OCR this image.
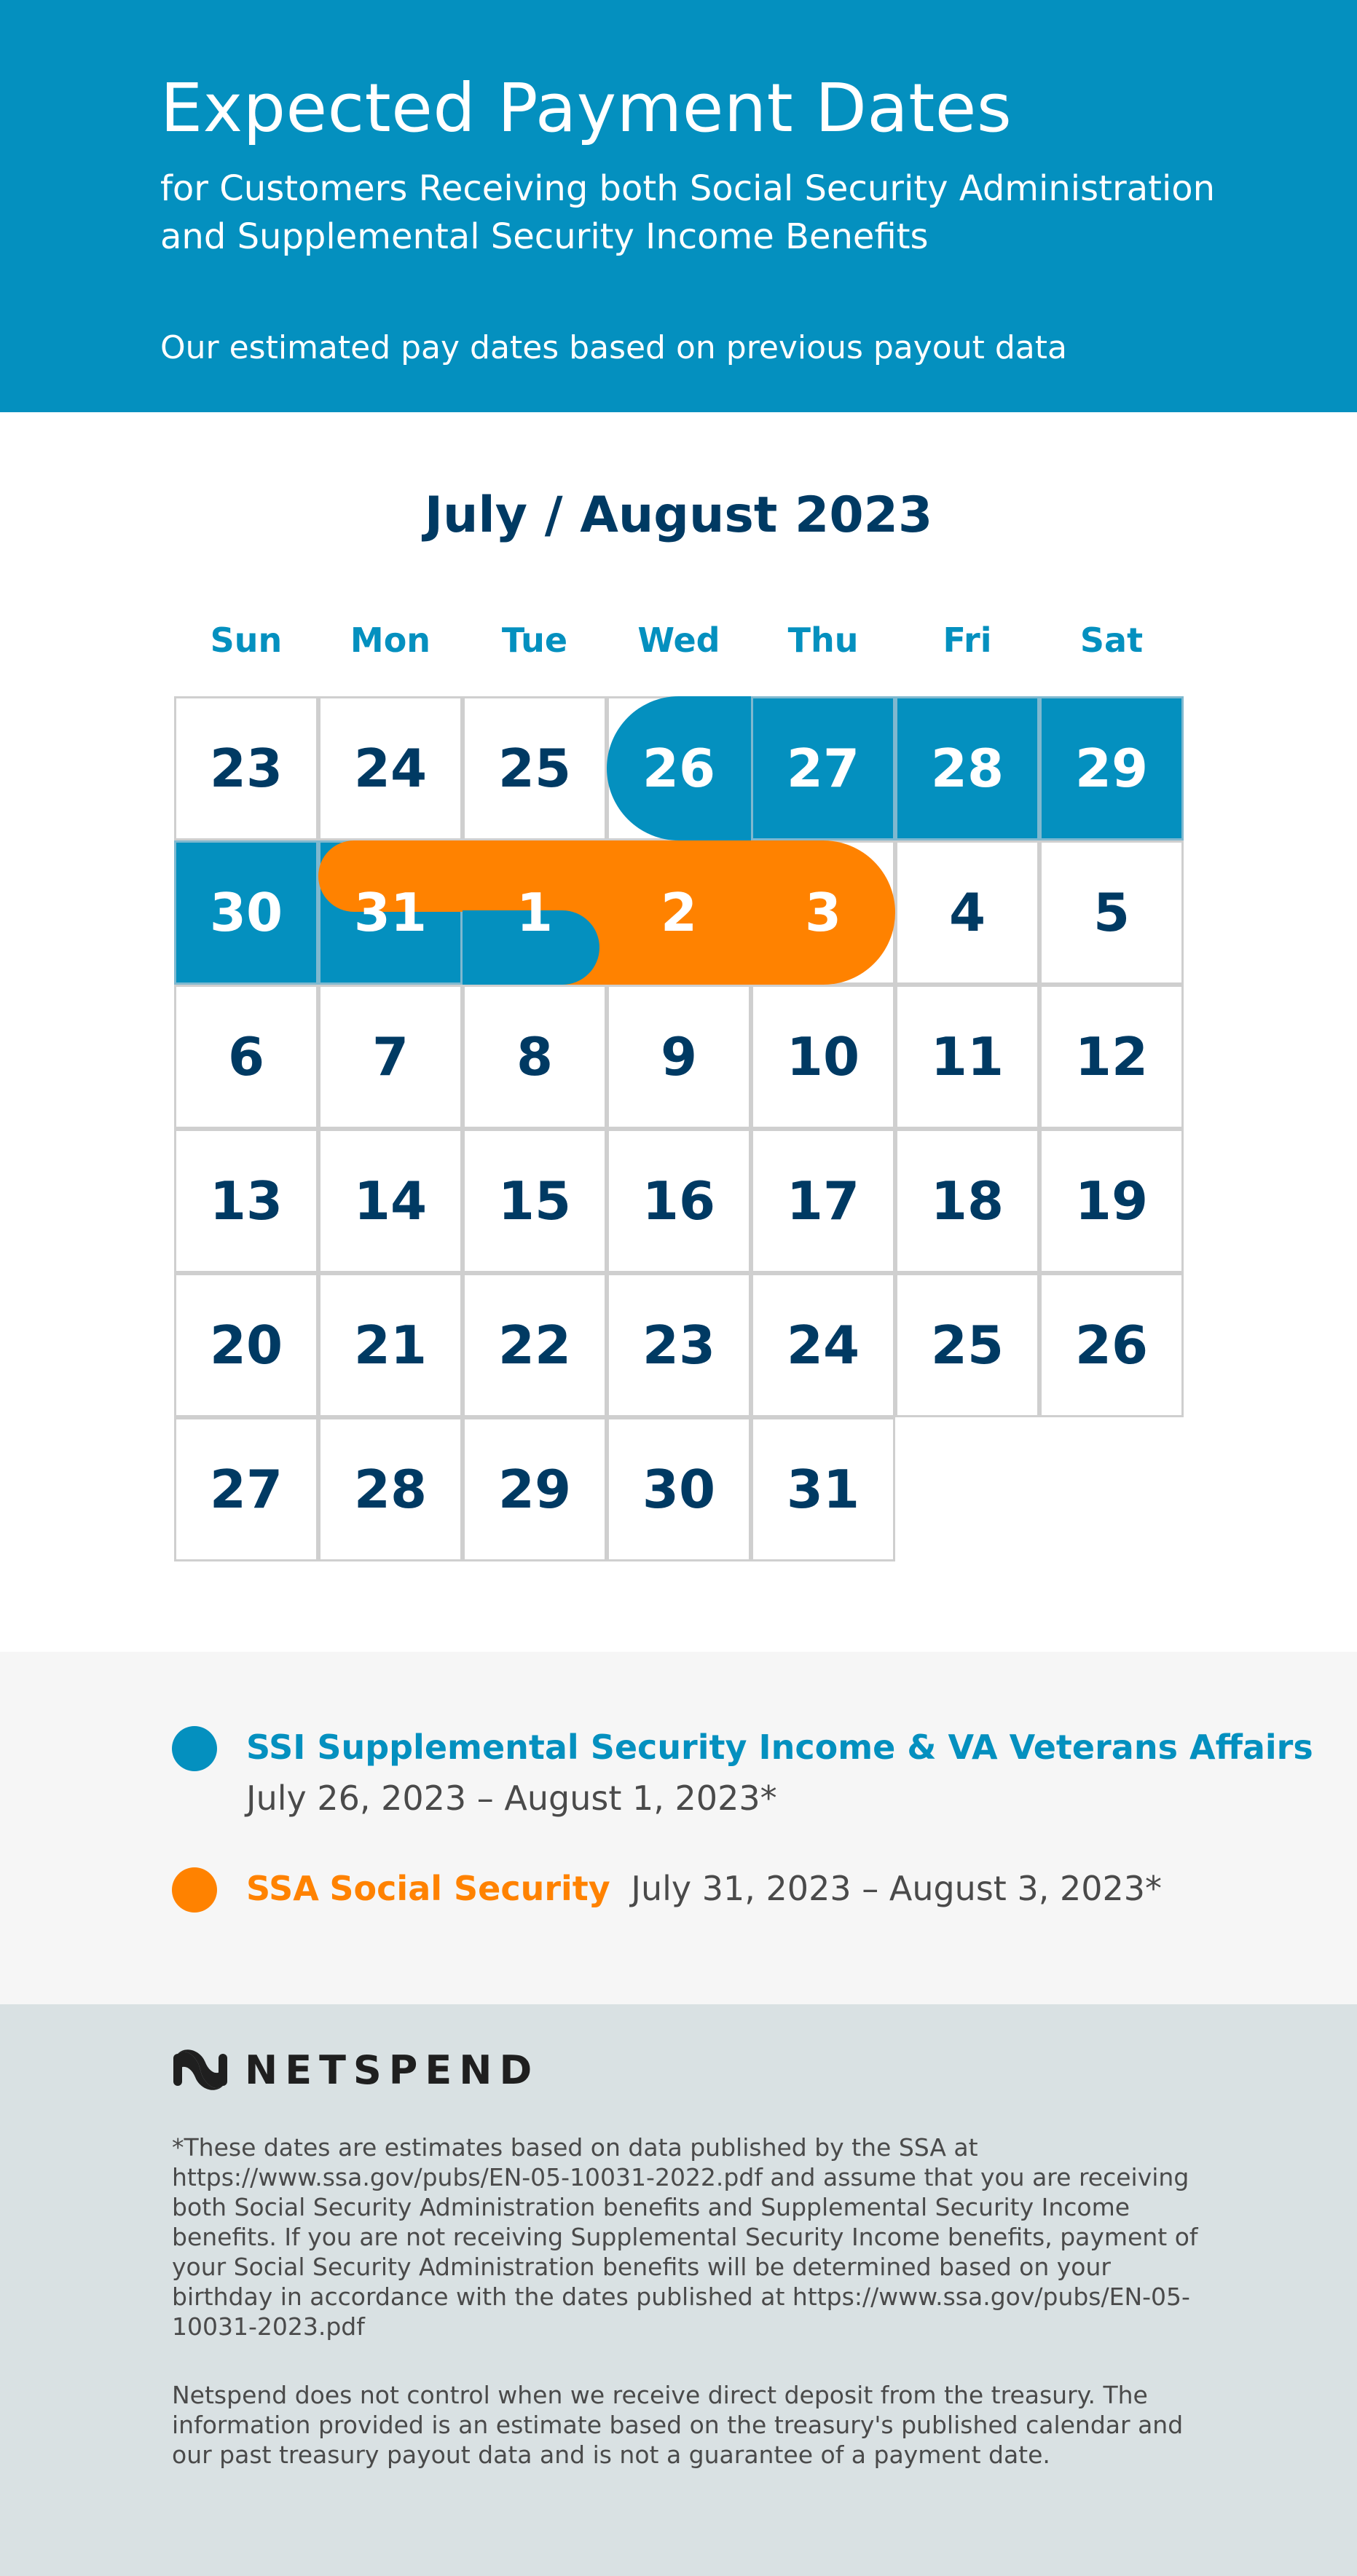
Expected Payment Dates
for Customers Receiving both Social Security Administration and Supplemental Security Income Benefits
Our estimated pay dates based on previous payout data
July / August 2023
Sun	Mon	Tue	Wed	Thu	Fri	Sat
23	24	25	26	27	28	29
30	31	1	2	3	4	5
6	7	8	9	10	11	12
13	14	15	16	17	18	19
20	21	22	23	24	25	26
27	28	29	30	31
SSI Supplemental Security Income & VA Veterans Affairs
July 26, 2023 – August 1, 2023*
SSA Social Security July 31, 2023 – August 3, 2023*
NETSPEND
*These dates are estimates based on data published by the SSA at https://www.ssa.gov/pubs/EN-05-10031-2022.pdf and assume that you are receiving both Social Security Administration benefits and Supplemental Security Income benefits. If you are not receiving Supplemental Security Income benefits, payment of your Social Security Administration benefits will be determined based on your birthday in accordance with the dates published at https://www.ssa.gov/pubs/EN-05-10031-2023.pdf
Netspend does not control when we receive direct deposit from the treasury. The information provided is an estimate based on the treasury's published calendar and our past treasury payout data and is not a guarantee of a payment date.
